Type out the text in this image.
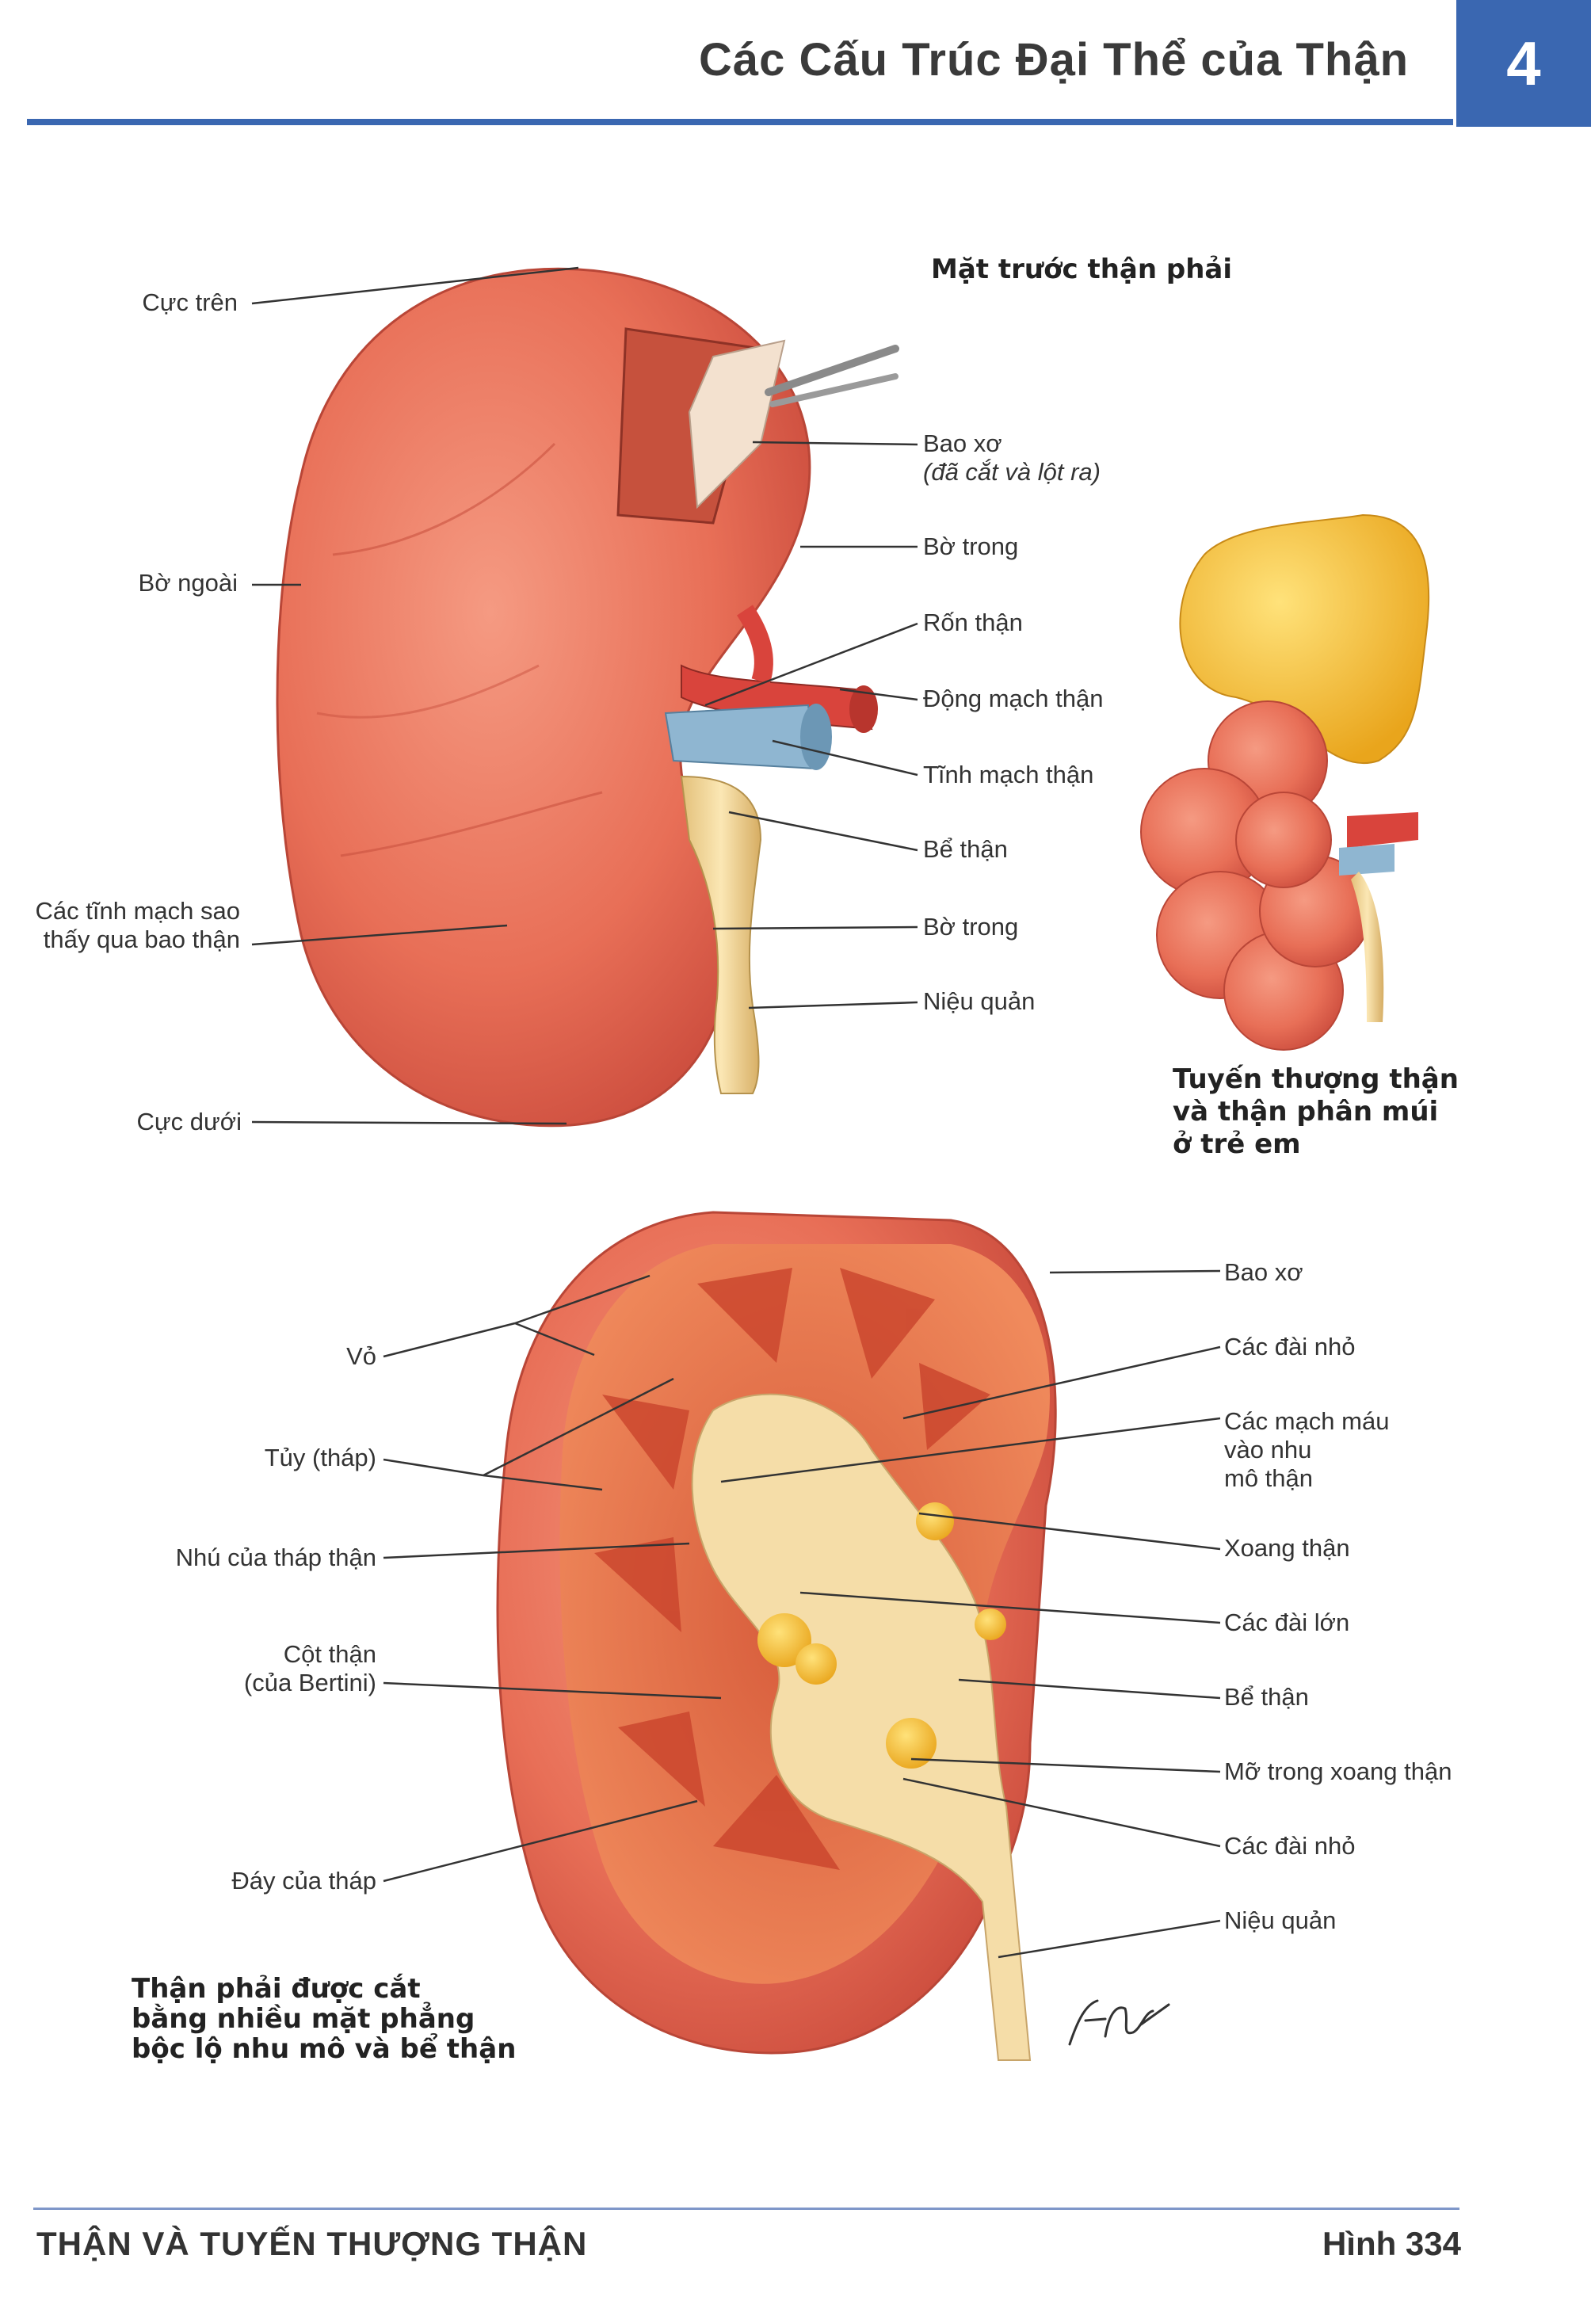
Các Cấu Trúc Đại Thể của Thận	4
Mặt trước thận phải
Cực trên
Bờ ngoài
Các tĩnh mạch sao
thấy qua bao thận
Cực dưới
Bao xơ
(đã cắt và lột ra)
Bờ trong
Rốn thận
Động mạch thận
Tĩnh mạch thận
Bể thận
Bờ trong
Niệu quản
Tuyến thượng thận
và thận phân múi
ở trẻ em
Vỏ
Tủy (tháp)
Nhú của tháp thận
Cột thận
(của Bertini)
Đáy của tháp
Bao xơ
Các đài nhỏ
Các mạch máu
vào nhu
mô thận
Xoang thận
Các đài lớn
Bể thận
Mỡ trong xoang thận
Các đài nhỏ
Niệu quản
Thận phải được cắt
bằng nhiều mặt phẳng
bộc lộ nhu mô và bể thận
THẬN VÀ TUYẾN THƯỢNG THẬN	Hình 334
